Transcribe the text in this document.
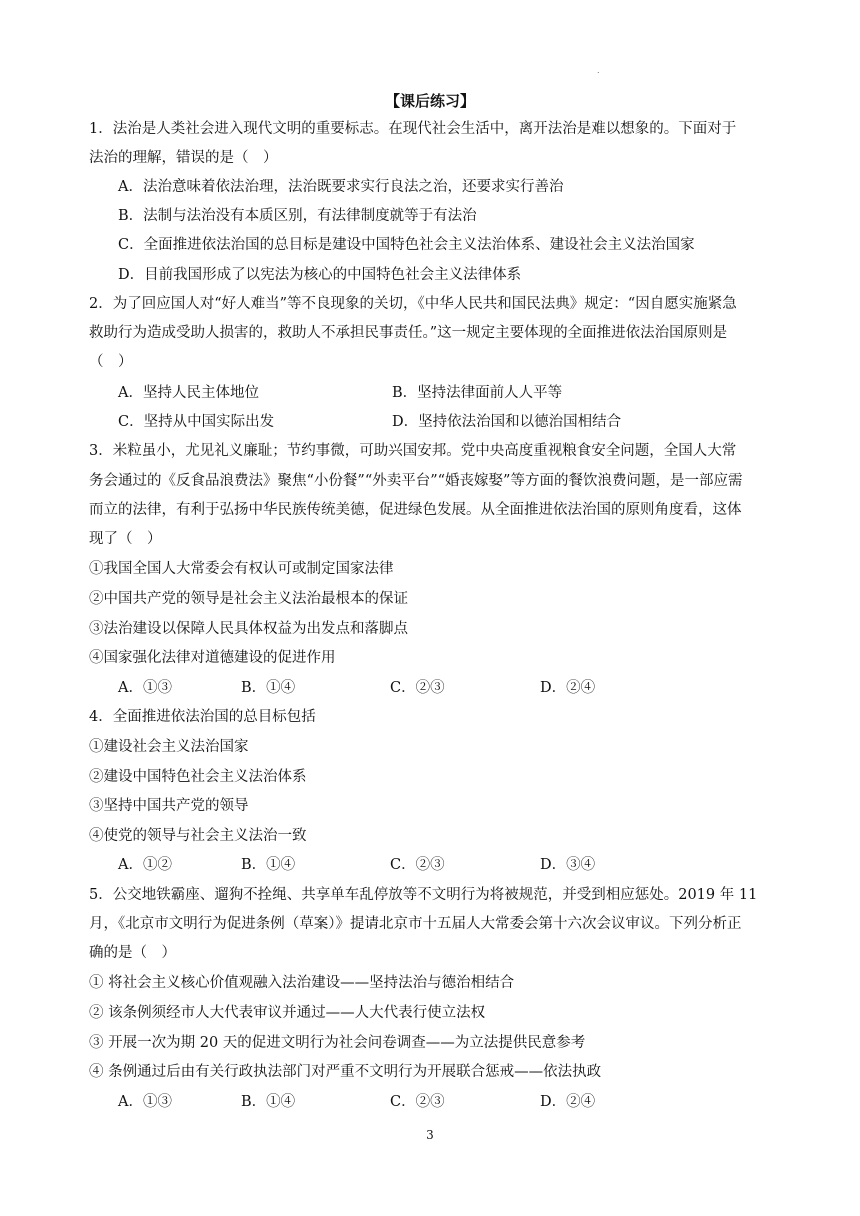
.
【课后练习】
1．法治是人类社会进入现代文明的重要标志。在现代社会生活中，离开法治是难以想象的。下面对于
法治的理解，错误的是（　）
A．法治意味着依法治理，法治既要求实行良法之治，还要求实行善治
B．法制与法治没有本质区别，有法律制度就等于有法治
C．全面推进依法治国的总目标是建设中国特色社会主义法治体系、建设社会主义法治国家
D．目前我国形成了以宪法为核心的中国特色社会主义法律体系
2．为了回应国人对“好人难当”等不良现象的关切，《中华人民共和国民法典》规定：“因自愿实施紧急
救助行为造成受助人损害的，救助人不承担民事责任。”这一规定主要体现的全面推进依法治国原则是
（　）
A．坚持人民主体地位	B．坚持法律面前人人平等
C．坚持从中国实际出发	D．坚持依法治国和以德治国相结合
3．米粒虽小，尤见礼义廉耻；节约事微，可助兴国安邦。党中央高度重视粮食安全问题，全国人大常
务会通过的《反食品浪费法》聚焦“小份餐”“外卖平台”“婚丧嫁娶”等方面的餐饮浪费问题，是一部应需
而立的法律，有利于弘扬中华民族传统美德，促进绿色发展。从全面推进依法治国的原则角度看，这体
现了（　）
①我国全国人大常委会有权认可或制定国家法律
②中国共产党的领导是社会主义法治最根本的保证
③法治建设以保障人民具体权益为出发点和落脚点
④国家强化法律对道德建设的促进作用
A．①③	B．①④	C．②③	D．②④
4．全面推进依法治国的总目标包括
①建设社会主义法治国家
②建设中国特色社会主义法治体系
③坚持中国共产党的领导
④使党的领导与社会主义法治一致
A．①②	B．①④	C．②③	D．③④
5．公交地铁霸座、遛狗不拴绳、共享单车乱停放等不文明行为将被规范，并受到相应惩处。2019 年 11
月，《北京市文明行为促进条例（草案）》提请北京市十五届人大常委会第十六次会议审议。下列分析正
确的是（　）
① 将社会主义核心价值观融入法治建设——坚持法治与德治相结合
② 该条例须经市人大代表审议并通过——人大代表行使立法权
③ 开展一次为期 20 天的促进文明行为社会问卷调查——为立法提供民意参考
④ 条例通过后由有关行政执法部门对严重不文明行为开展联合惩戒——依法执政
A．①③	B．①④	C．②③	D．②④
3
